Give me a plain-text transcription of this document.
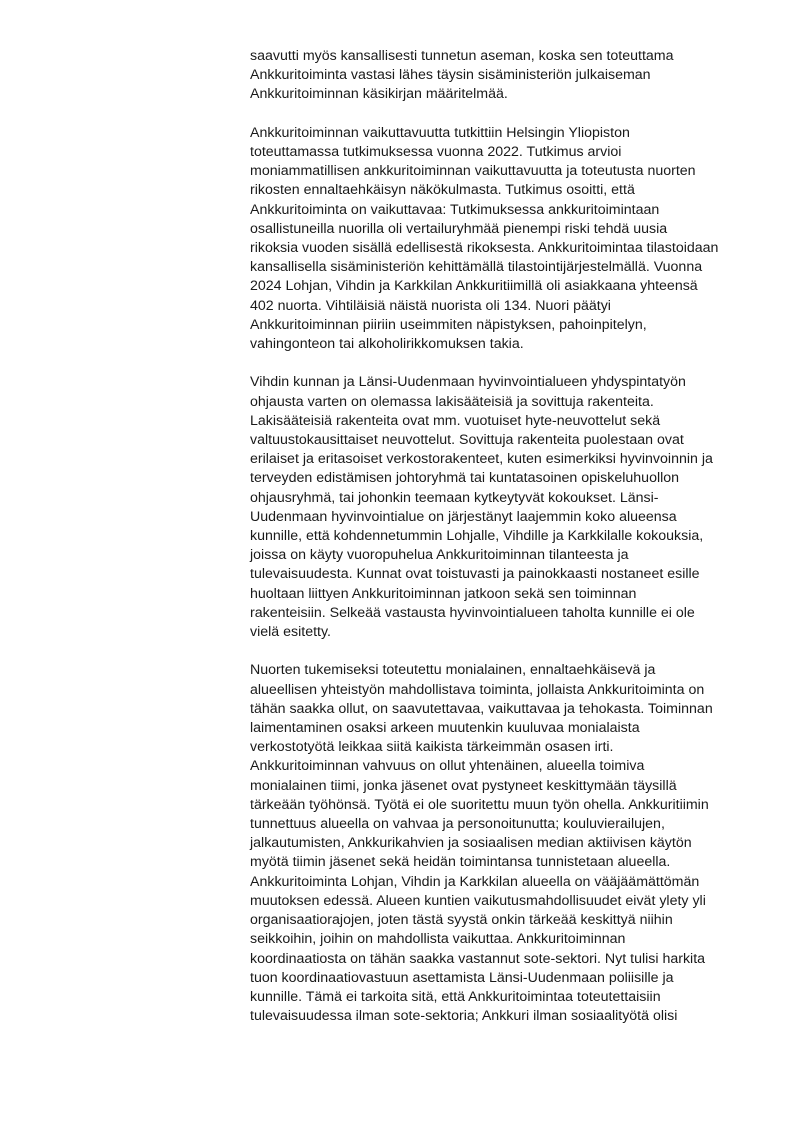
saavutti myös kansallisesti tunnetun aseman, koska sen toteuttama
Ankkuritoiminta vastasi lähes täysin sisäministeriön julkaiseman
Ankkuritoiminnan käsikirjan määritelmää.

Ankkuritoiminnan vaikuttavuutta tutkittiin Helsingin Yliopiston
toteuttamassa tutkimuksessa vuonna 2022. Tutkimus arvioi
moniammatillisen ankkuritoiminnan vaikuttavuutta ja toteutusta nuorten
rikosten ennaltaehkäisyn näkökulmasta. Tutkimus osoitti, että
Ankkuritoiminta on vaikuttavaa: Tutkimuksessa ankkuritoimintaan
osallistuneilla nuorilla oli vertailuryhmää pienempi riski tehdä uusia
rikoksia vuoden sisällä edellisestä rikoksesta. Ankkuritoimintaa tilastoidaan
kansallisella sisäministeriön kehittämällä tilastointijärjestelmällä. Vuonna
2024 Lohjan, Vihdin ja Karkkilan Ankkuritiimillä oli asiakkaana yhteensä
402 nuorta. Vihtiläisiä näistä nuorista oli 134. Nuori päätyi
Ankkuritoiminnan piiriin useimmiten näpistyksen, pahoinpitelyn,
vahingonteon tai alkoholirikkomuksen takia.

Vihdin kunnan ja Länsi-Uudenmaan hyvinvointialueen yhdyspintatyön
ohjausta varten on olemassa lakisääteisiä ja sovittuja rakenteita.
Lakisääteisiä rakenteita ovat mm. vuotuiset hyte-neuvottelut sekä
valtuustokausittaiset neuvottelut. Sovittuja rakenteita puolestaan ovat
erilaiset ja eritasoiset verkostorakenteet, kuten esimerkiksi hyvinvoinnin ja
terveyden edistämisen johtoryhmä tai kuntatasoinen opiskeluhuollon
ohjausryhmä, tai johonkin teemaan kytkeytyvät kokoukset. Länsi-
Uudenmaan hyvinvointialue on järjestänyt laajemmin koko alueensa
kunnille, että kohdennetummin Lohjalle, Vihdille ja Karkkilalle kokouksia,
joissa on käyty vuoropuhelua Ankkuritoiminnan tilanteesta ja
tulevaisuudesta. Kunnat ovat toistuvasti ja painokkaasti nostaneet esille
huoltaan liittyen Ankkuritoiminnan jatkoon sekä sen toiminnan
rakenteisiin. Selkeää vastausta hyvinvointialueen taholta kunnille ei ole
vielä esitetty.

Nuorten tukemiseksi toteutettu monialainen, ennaltaehkäisevä ja
alueellisen yhteistyön mahdollistava toiminta, jollaista Ankkuritoiminta on
tähän saakka ollut, on saavutettavaa, vaikuttavaa ja tehokasta. Toiminnan
laimentaminen osaksi arkeen muutenkin kuuluvaa monialaista
verkostotyötä leikkaa siitä kaikista tärkeimmän osasen irti.
Ankkuritoiminnan vahvuus on ollut yhtenäinen, alueella toimiva
monialainen tiimi, jonka jäsenet ovat pystyneet keskittymään täysillä
tärkeään työhönsä. Työtä ei ole suoritettu muun työn ohella. Ankkuritiimin
tunnettuus alueella on vahvaa ja personoitunutta; kouluvierailujen,
jalkautumisten, Ankkurikahvien ja sosiaalisen median aktiivisen käytön
myötä tiimin jäsenet sekä heidän toimintansa tunnistetaan alueella.
Ankkuritoiminta Lohjan, Vihdin ja Karkkilan alueella on vääjäämättömän
muutoksen edessä. Alueen kuntien vaikutusmahdollisuudet eivät ylety yli
organisaatiorajojen, joten tästä syystä onkin tärkeää keskittyä niihin
seikkoihin, joihin on mahdollista vaikuttaa. Ankkuritoiminnan
koordinaatiosta on tähän saakka vastannut sote-sektori. Nyt tulisi harkita
tuon koordinaatiovastuun asettamista Länsi-Uudenmaan poliisille ja
kunnille. Tämä ei tarkoita sitä, että Ankkuritoimintaa toteutettaisiin
tulevaisuudessa ilman sote-sektoria; Ankkuri ilman sosiaalityötä olisi
